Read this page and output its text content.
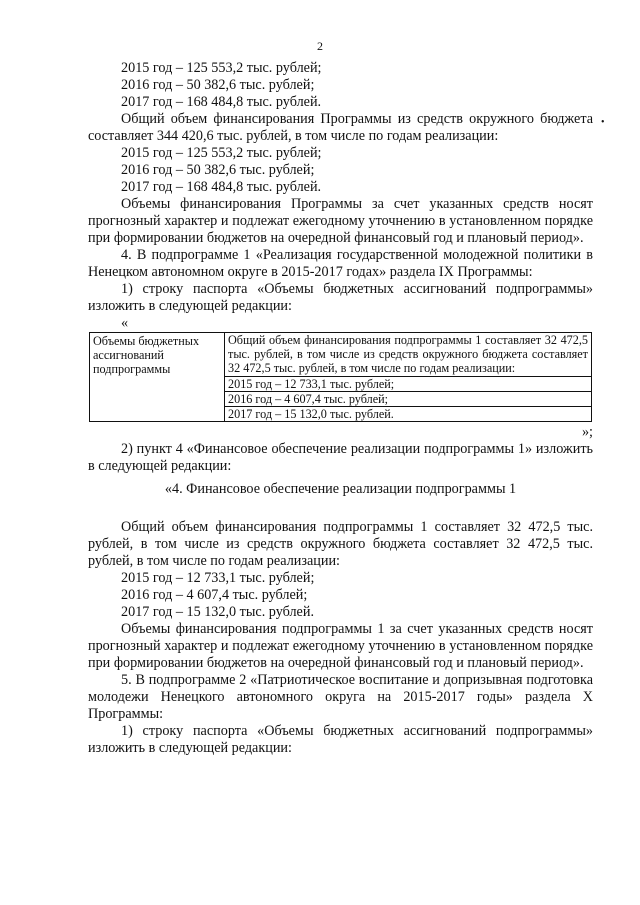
2
•

2015 год – 125 553,2 тыс. рублей;

2016 год – 50 382,6 тыс. рублей;

2017 год – 168 484,8 тыс. рублей.

Общий объем финансирования Программы из средств окружного бюджета составляет 344 420,6 тыс. рублей, в том числе по годам реализации:

2015 год – 125 553,2 тыс. рублей;

2016 год – 50 382,6 тыс. рублей;

2017 год – 168 484,8 тыс. рублей.

Объемы финансирования Программы за счет указанных средств носят прогнозный характер и подлежат ежегодному уточнению в установленном порядке при формировании бюджетов на очередной финансовый год и плановый период».

4. В подпрограмме 1 «Реализация государственной молодежной политики в Ненецком автономном округе в 2015-2017 годах» раздела IX Программы:

1) строку паспорта «Объемы бюджетных ассигнований подпрограммы» изложить в следующей редакции:

«

Объемы бюджетных ассигнований подпрограммы	
Общий объем финансирования подпрограммы 1 составляет 32 472,5 тыс. рублей, в том числе из средств окружного бюджета составляет 32 472,5 тыс. рублей, в том числе по годам реализации:
2015 год – 12 733,1 тыс. рублей;
2016 год – 4 607,4 тыс. рублей;
2017 год – 15 132,0 тыс. рублей.

»;

2) пункт 4 «Финансовое обеспечение реализации подпрограммы 1» изложить в следующей редакции:

«4. Финансовое обеспечение реализации подпрограммы 1

Общий объем финансирования подпрограммы 1 составляет 32 472,5 тыс. рублей, в том числе из средств окружного бюджета составляет 32 472,5 тыс. рублей, в том числе по годам реализации:

2015 год – 12 733,1 тыс. рублей;

2016 год – 4 607,4 тыс. рублей;

2017 год – 15 132,0 тыс. рублей.

Объемы финансирования подпрограммы 1 за счет указанных средств носят прогнозный характер и подлежат ежегодному уточнению в установленном порядке при формировании бюджетов на очередной финансовый год и плановый период».

5. В подпрограмме 2 «Патриотическое воспитание и допризывная подготовка молодежи Ненецкого автономного округа на 2015-2017 годы» раздела X Программы:

1) строку паспорта «Объемы бюджетных ассигнований подпрограммы» изложить в следующей редакции:
